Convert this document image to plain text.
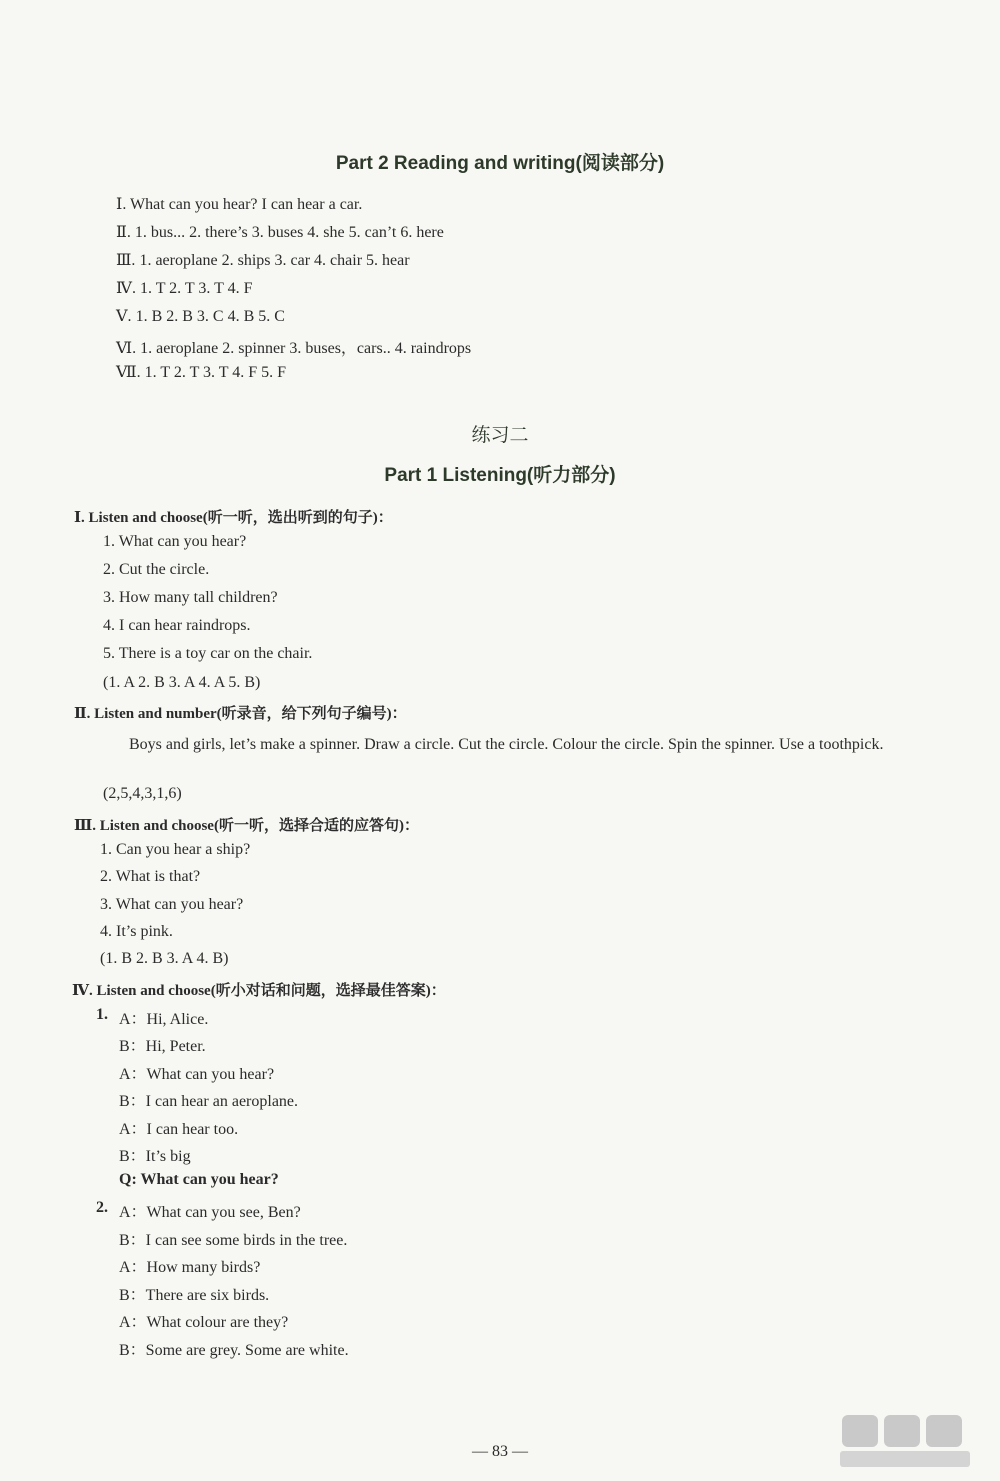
Part 2 Reading and writing(阅读部分)
Ⅰ. What can you hear? I can hear a car.
Ⅱ. 1. bus... 2. there’s 3. buses 4. she 5. can’t 6. here
Ⅲ. 1. aeroplane 2. ships 3. car 4. chair 5. hear
Ⅳ. 1. T 2. T 3. T 4. F
Ⅴ. 1. B 2. B 3. C 4. B 5. C
Ⅵ. 1. aeroplane 2. spinner 3. buses，cars.. 4. raindrops
Ⅶ. 1. T 2. T 3. T 4. F 5. F
练习二
Part 1 Listening(听力部分)
Ⅰ. Listen and choose(听一听，选出听到的句子)：
1. What can you hear?
2. Cut the circle.
3. How many tall children?
4. I can hear raindrops.
5. There is a toy car on the chair.
(1. A 2. B 3. A 4. A 5. B)
Ⅱ. Listen and number(听录音，给下列句子编号)：
Boys and girls, let’s make a spinner. Draw a circle. Cut the circle. Colour the circle. Spin the spinner. Use a toothpick.
(2,5,4,3,1,6)
Ⅲ. Listen and choose(听一听，选择合适的应答句)：
1. Can you hear a ship?
2. What is that?
3. What can you hear?
4. It’s pink.
(1. B 2. B 3. A 4. B)
Ⅳ. Listen and choose(听小对话和问题，选择最佳答案)：
1. A：Hi, Alice.
B：Hi, Peter.
A：What can you hear?
B：I can hear an aeroplane.
A：I can hear too.
B：It’s big
Q: What can you hear?
2. A：What can you see, Ben?
B：I can see some birds in the tree.
A：How many birds?
B：There are six birds.
A：What colour are they?
B：Some are grey. Some are white.
— 83 —
